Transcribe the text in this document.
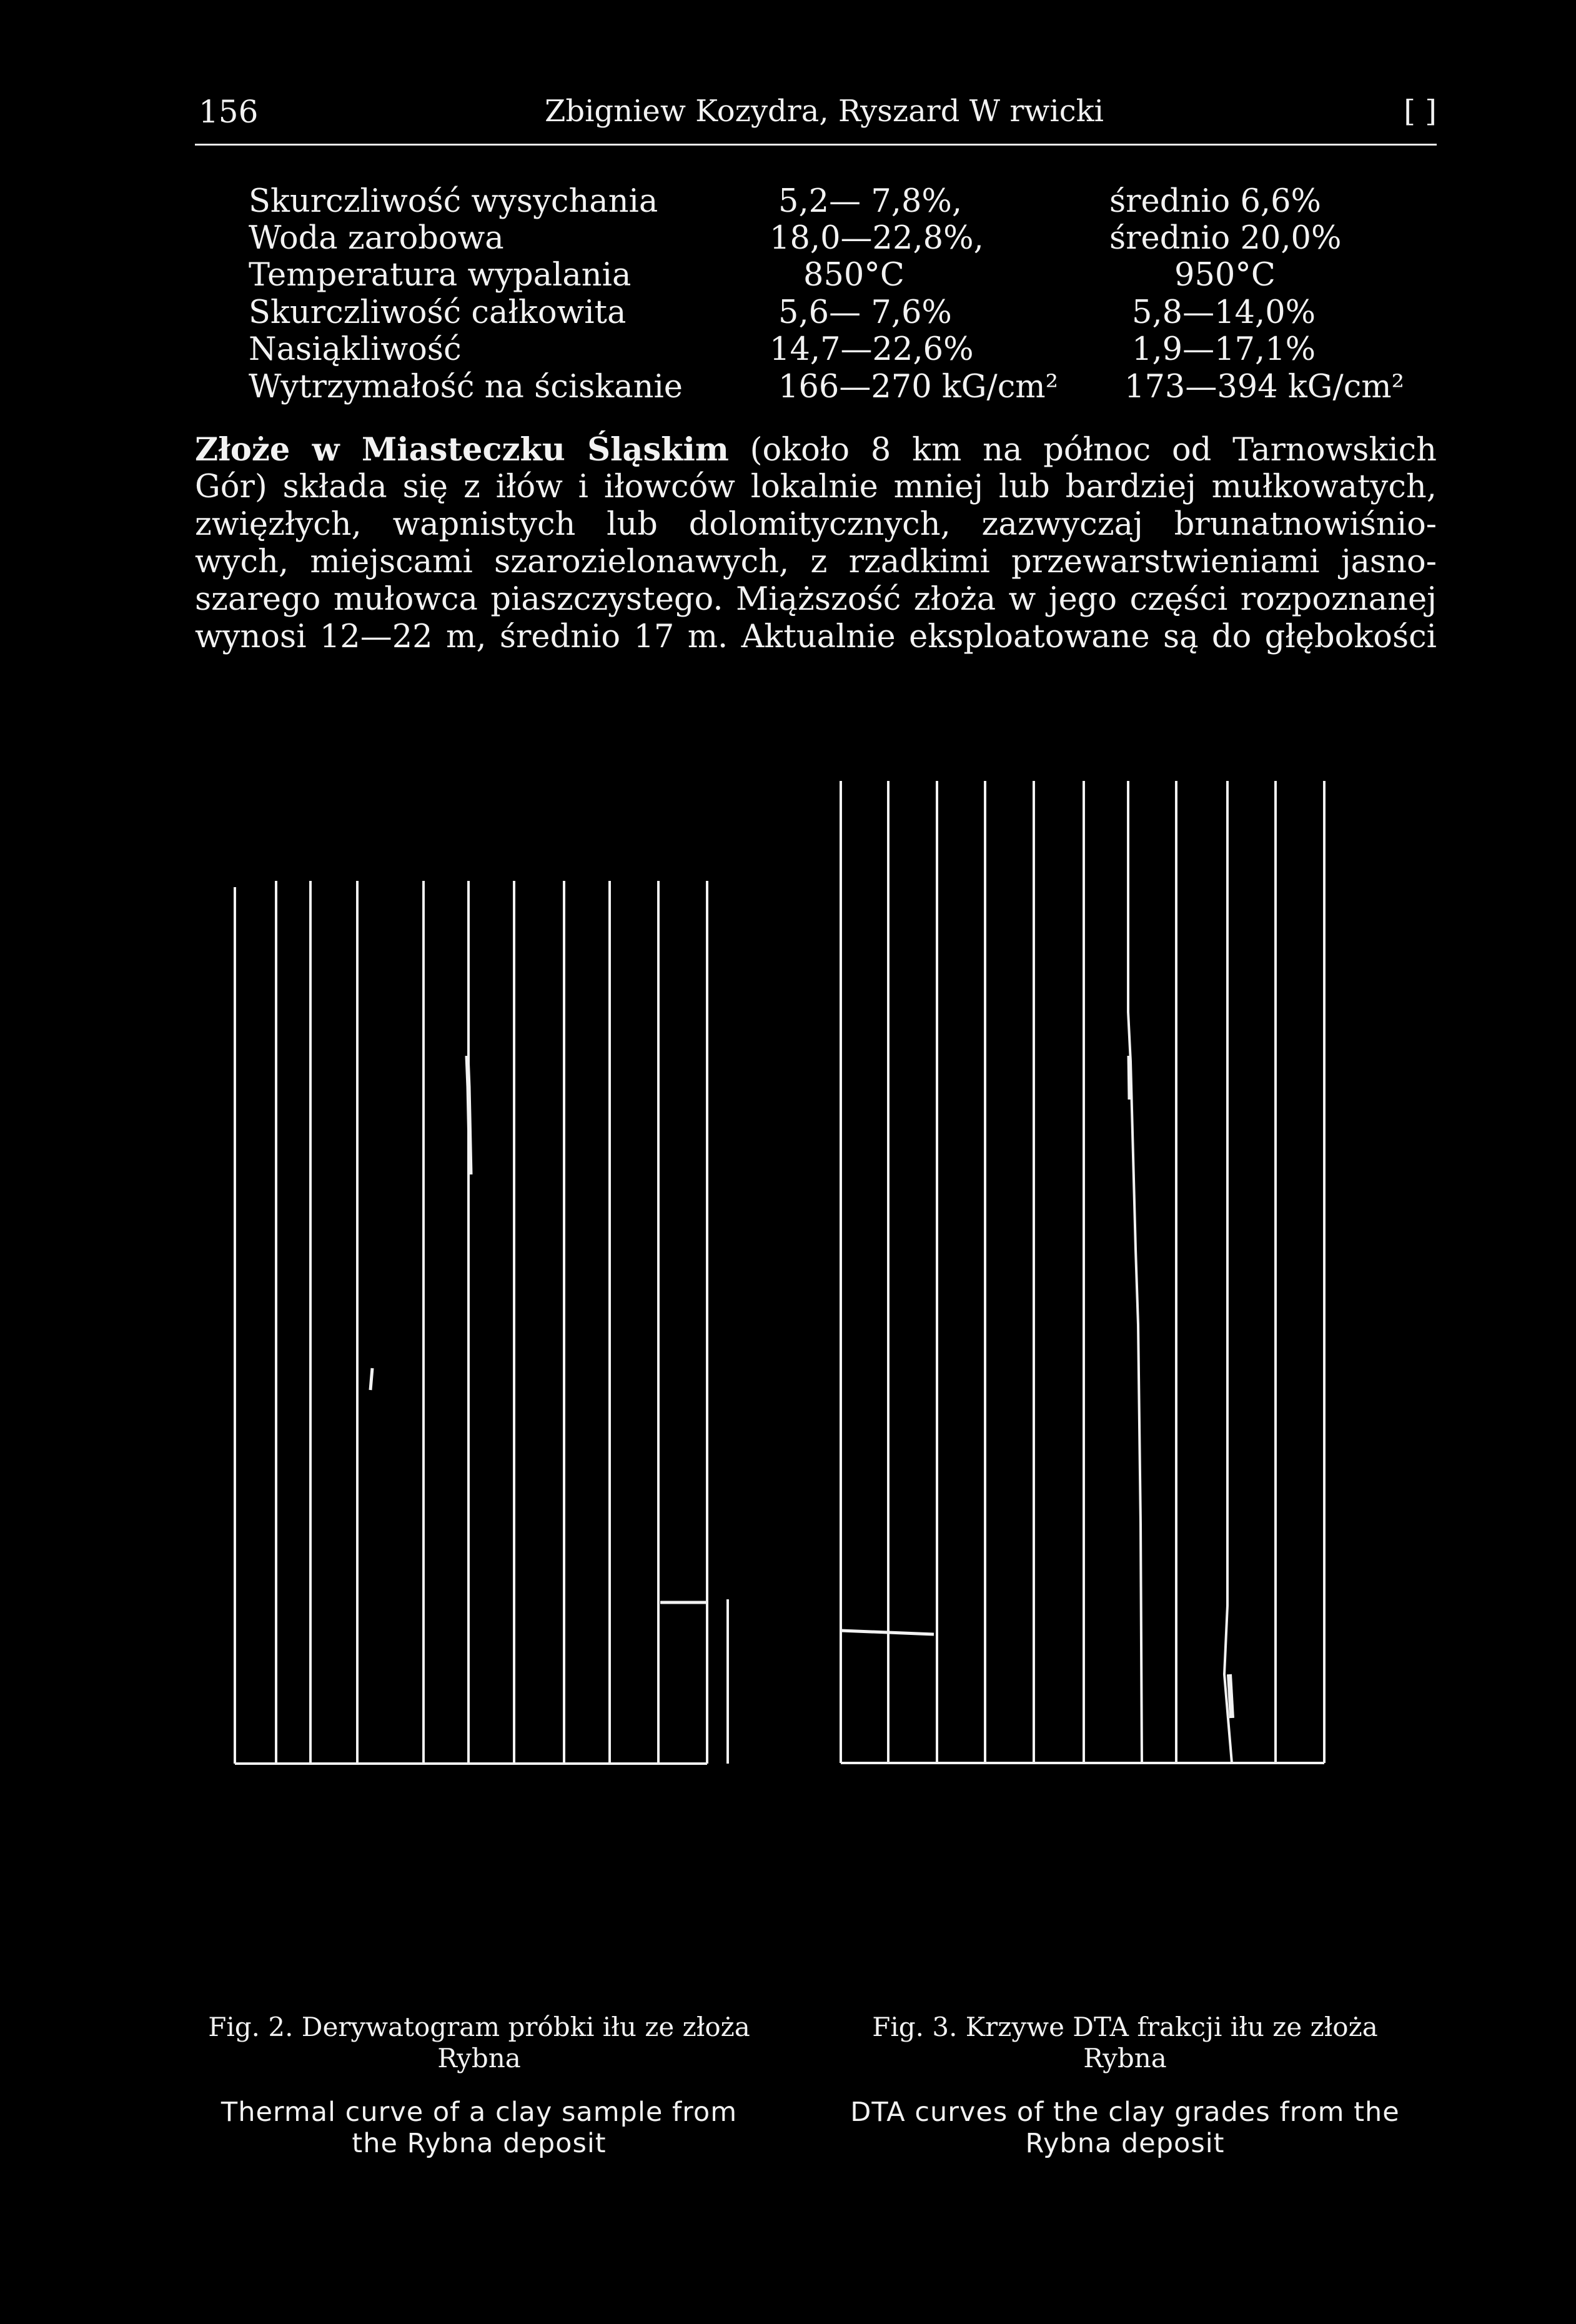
156	Zbigniew Kozydra, Ryszard W rwicki	[ ]
Skurczliwość wysychania	5,2— 7,8%,	średnio 6,6%
Woda zarobowa	18,0—22,8%,	średnio 20,0%
Temperatura wypalania	850°C	950°C
Skurczliwość całkowita	5,6— 7,6%	5,8—14,0%
Nasiąkliwość	14,7—22,6%	1,9—17,1%
Wytrzymałość na ściskanie	166—270 kG/cm² 173—394 kG/cm²
Złoże w Miasteczku Śląskim (około 8 km na północ od Tarnowskich
Gór) składa się z iłów i iłowców lokalnie mniej lub bardziej mułkowatych,
zwięzłych, wapnistych lub dolomitycznych, zazwyczaj brunatnowiśnio-
wych, miejscami szarozielonawych, z rzadkimi przewarstwieniami jasno-
szarego mułowca piaszczystego. Miąższość złoża w jego części rozpoznanej
wynosi 12—22 m, średnio 17 m. Aktualnie eksploatowane są do głębokości
Fig. 2. Derywatogram próbki iłu ze złoża
Rybna
Thermal curve of a clay sample from
the Rybna deposit
Fig. 3. Krzywe DTA frakcji iłu ze złoża
Rybna
DTA curves of the clay grades from the
Rybna deposit
